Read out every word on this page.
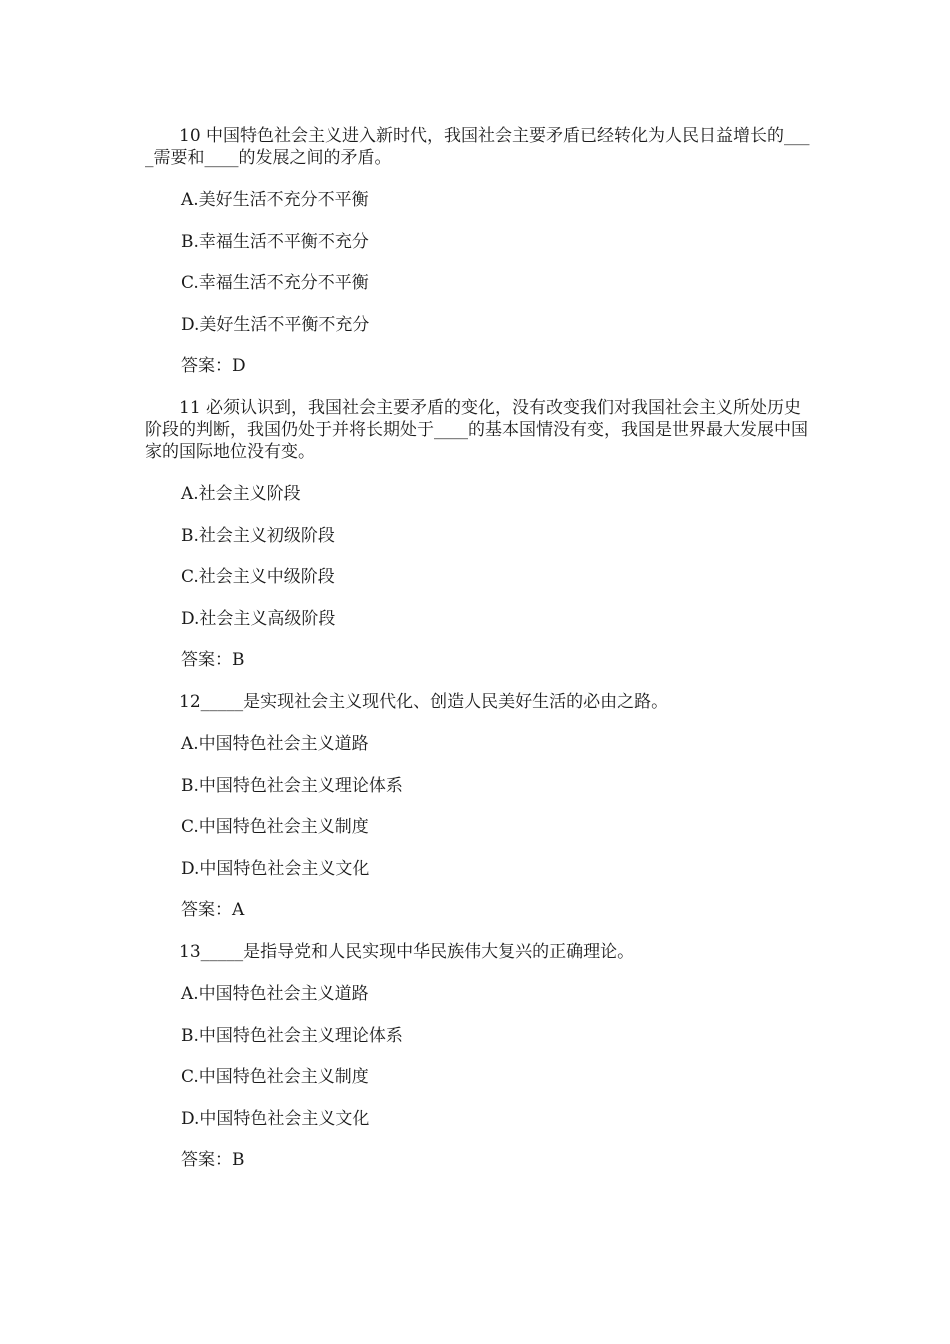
10 中国特色社会主义进入新时代，我国社会主要矛盾已经转化为人民日益增长的____需要和____的发展之间的矛盾。

A.美好生活不充分不平衡

B.幸福生活不平衡不充分

C.幸福生活不充分不平衡

D.美好生活不平衡不充分

答案：D

11 必须认识到，我国社会主要矛盾的变化，没有改变我们对我国社会主义所处历史阶段的判断，我国仍处于并将长期处于____的基本国情没有变，我国是世界最大发展中国家的国际地位没有变。

A.社会主义阶段

B.社会主义初级阶段

C.社会主义中级阶段

D.社会主义高级阶段

答案：B

12_____是实现社会主义现代化、创造人民美好生活的必由之路。

A.中国特色社会主义道路

B.中国特色社会主义理论体系

C.中国特色社会主义制度

D.中国特色社会主义文化

答案：A

13_____是指导党和人民实现中华民族伟大复兴的正确理论。

A.中国特色社会主义道路

B.中国特色社会主义理论体系

C.中国特色社会主义制度

D.中国特色社会主义文化

答案：B
